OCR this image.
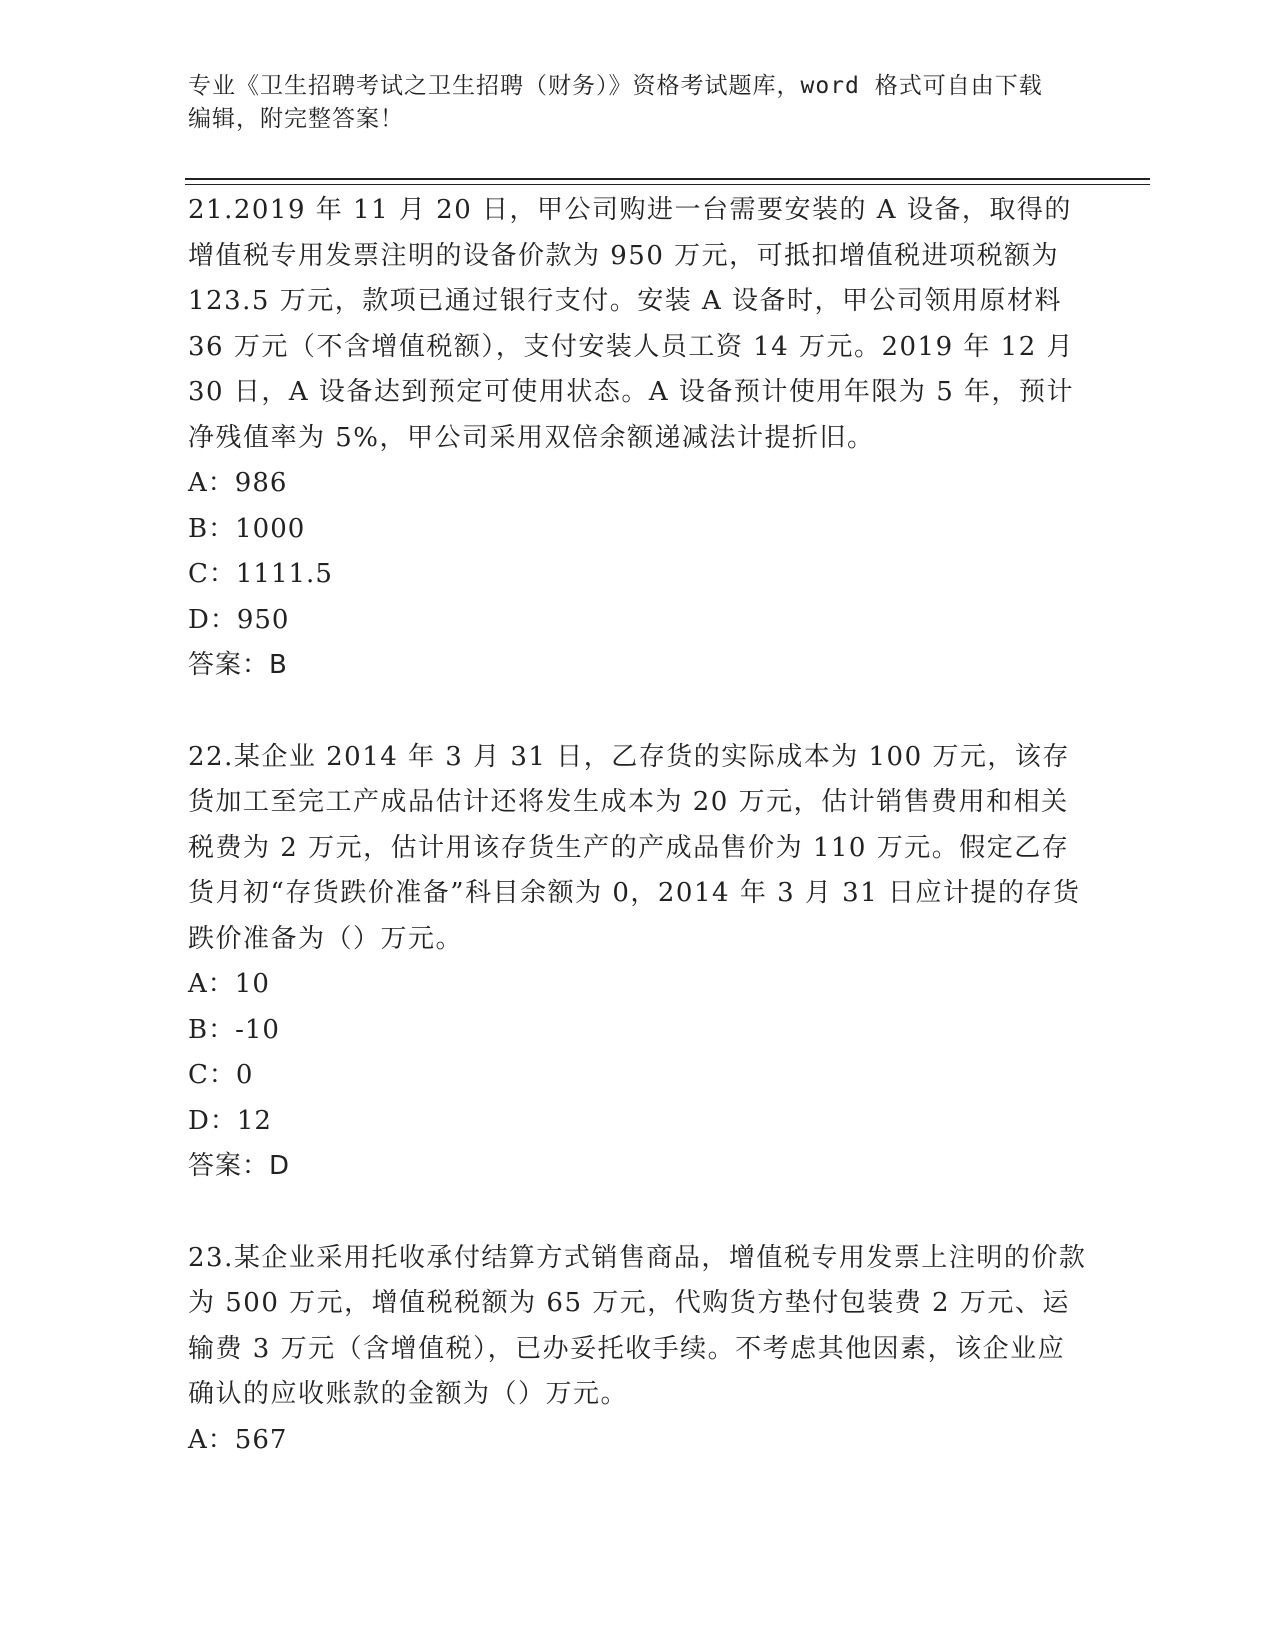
专业《卫生招聘考试之卫生招聘（财务）》资格考试题库，word 格式可自由下载
编辑，附完整答案！

21.2019 年 11 月 20 日，甲公司购进一台需要安装的 A 设备，取得的增值税专用发票注明的设备价款为 950 万元，可抵扣增值税进项税额为 123.5 万元，款项已通过银行支付。安装 A 设备时，甲公司领用原材料 36 万元（不含增值税额），支付安装人员工资 14 万元。2019 年 12 月 30 日，A 设备达到预定可使用状态。A 设备预计使用年限为 5 年，预计净残值率为 5%，甲公司采用双倍余额递减法计提折旧。

A：986

B：1000

C：1111.5

D：950

答案：B

22.某企业 2014 年 3 月 31 日，乙存货的实际成本为 100 万元，该存货加工至完工产成品估计还将发生成本为 20 万元，估计销售费用和相关税费为 2 万元，估计用该存货生产的产成品售价为 110 万元。假定乙存货月初“存货跌价准备”科目余额为 0，2014 年 3 月 31 日应计提的存货跌价准备为（）万元。

A：10

B：-10

C：0

D：12

答案：D

23.某企业采用托收承付结算方式销售商品，增值税专用发票上注明的价款为 500 万元，增值税税额为 65 万元，代购货方垫付包装费 2 万元、运输费 3 万元（含增值税），已办妥托收手续。不考虑其他因素，该企业应确认的应收账款的金额为（）万元。

A：567
